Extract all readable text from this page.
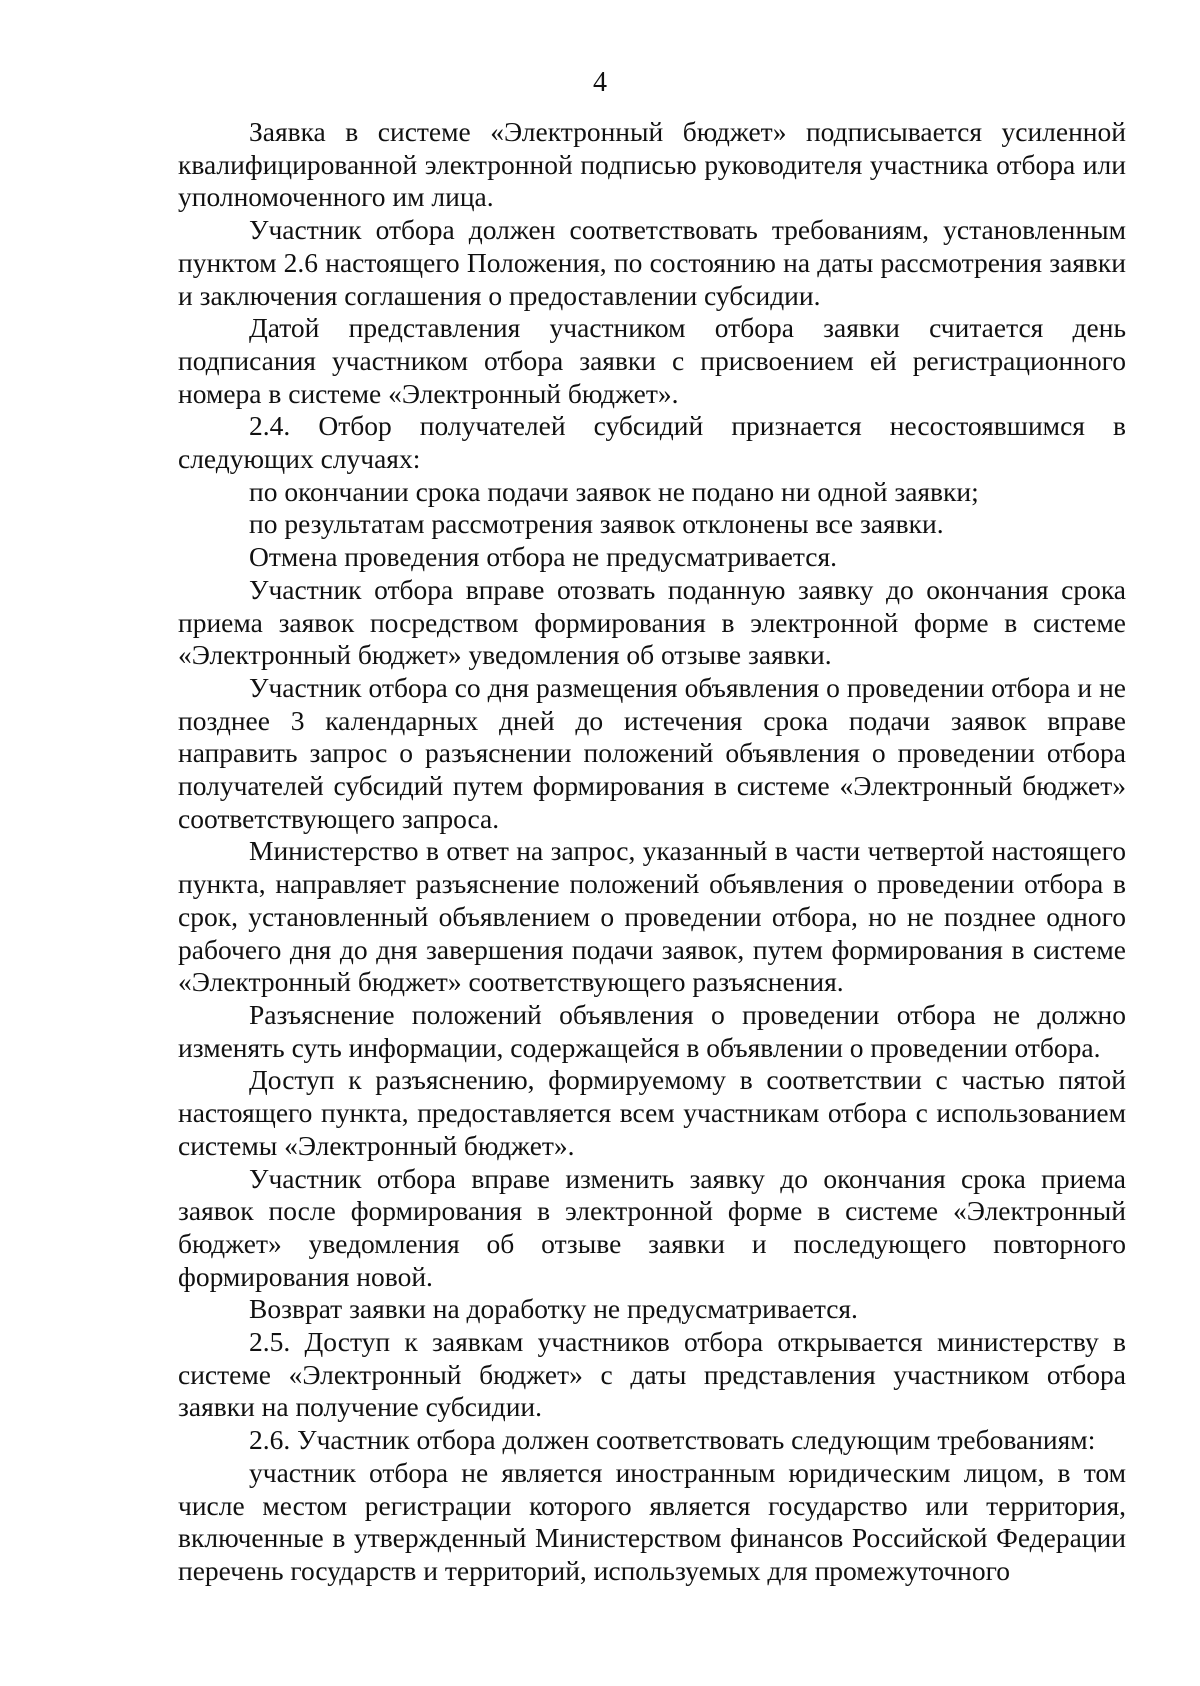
4

Заявка в системе «Электронный бюджет» подписывается усиленной квалифицированной электронной подписью руководителя участника отбора или уполномоченного им лица.

Участник отбора должен соответствовать требованиям, установленным пунктом 2.6 настоящего Положения, по состоянию на даты рассмотрения заявки и заключения соглашения о предоставлении субсидии.

Датой представления участником отбора заявки считается день подписания участником отбора заявки с присвоением ей регистрационного номера в системе «Электронный бюджет».

2.4. Отбор получателей субсидий признается несостоявшимся в следующих случаях:

по окончании срока подачи заявок не подано ни одной заявки;

по результатам рассмотрения заявок отклонены все заявки.

Отмена проведения отбора не предусматривается.

Участник отбора вправе отозвать поданную заявку до окончания срока приема заявок посредством формирования в электронной форме в системе «Электронный бюджет» уведомления об отзыве заявки.

Участник отбора со дня размещения объявления о проведении отбора и не позднее 3 календарных дней до истечения срока подачи заявок вправе направить запрос о разъяснении положений объявления о проведении отбора получателей субсидий путем формирования в системе «Электронный бюджет» соответствующего запроса.

Министерство в ответ на запрос, указанный в части четвертой настоящего пункта, направляет разъяснение положений объявления о проведении отбора в срок, установленный объявлением о проведении отбора, но не позднее одного рабочего дня до дня завершения подачи заявок, путем формирования в системе «Электронный бюджет» соответствующего разъяснения.

Разъяснение положений объявления о проведении отбора не должно изменять суть информации, содержащейся в объявлении о проведении отбора.

Доступ к разъяснению, формируемому в соответствии с частью пятой настоящего пункта, предоставляется всем участникам отбора с использованием системы «Электронный бюджет».

Участник отбора вправе изменить заявку до окончания срока приема заявок после формирования в электронной форме в системе «Электронный бюджет» уведомления об отзыве заявки и последующего повторного формирования новой.

Возврат заявки на доработку не предусматривается.

2.5. Доступ к заявкам участников отбора открывается министерству в системе «Электронный бюджет» с даты представления участником отбора заявки на получение субсидии.

2.6. Участник отбора должен соответствовать следующим требованиям:

участник отбора не является иностранным юридическим лицом, в том числе местом регистрации которого является государство или территория, включенные в утвержденный Министерством финансов Российской Федерации перечень государств и территорий, используемых для промежуточного
